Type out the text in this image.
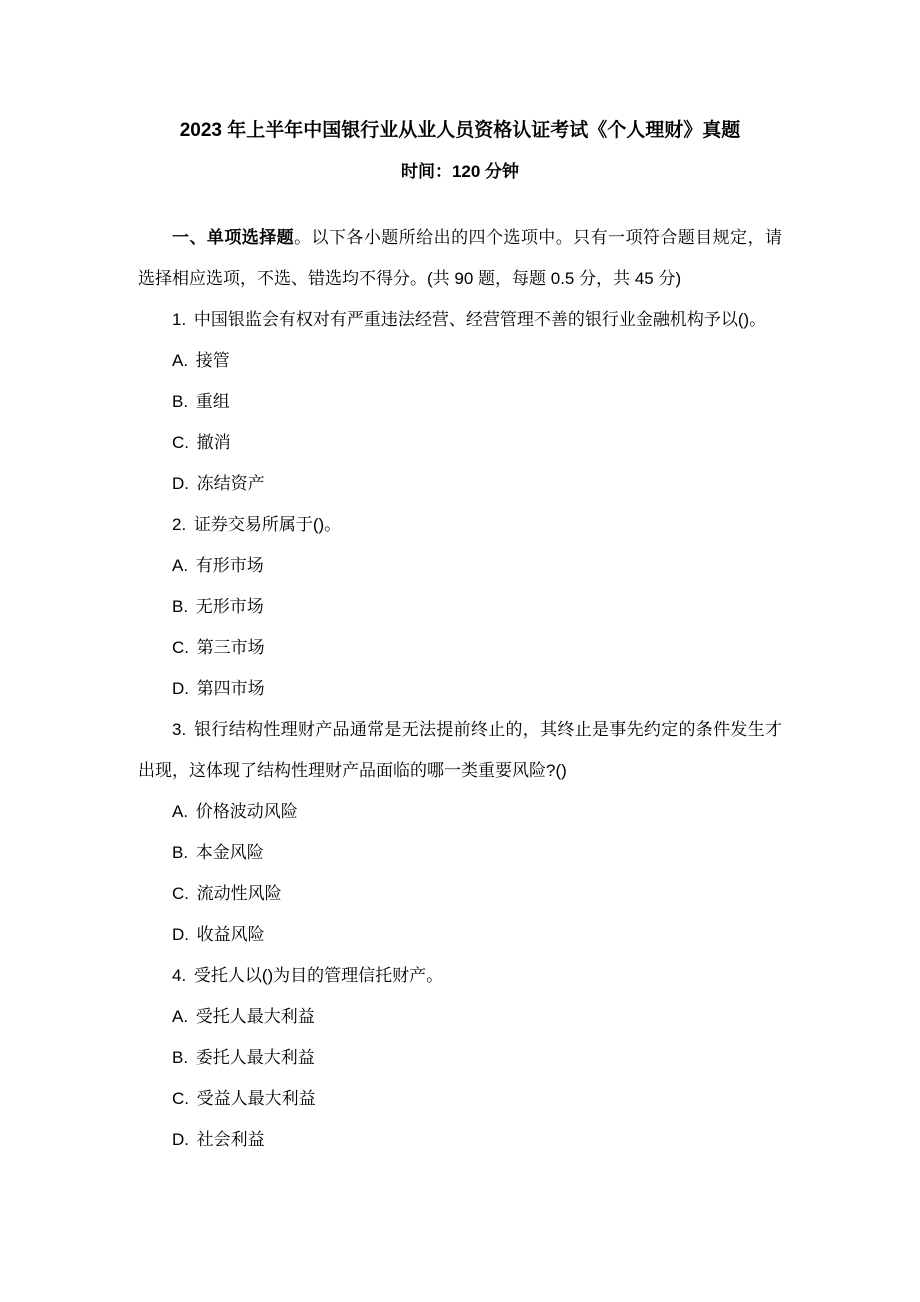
2023 年上半年中国银行业从业人员资格认证考试《个人理财》真题

时间：120 分钟

一、单项选择题。以下各小题所给出的四个选项中。只有一项符合题目规定，请选择相应选项，不选、错选均不得分。(共 90 题，每题 0.5 分，共 45 分)

1. 中国银监会有权对有严重违法经营、经营管理不善的银行业金融机构予以()。

A. 接管

B. 重组

C. 撤消

D. 冻结资产

2. 证券交易所属于()。

A. 有形市场

B. 无形市场

C. 第三市场

D. 第四市场

3. 银行结构性理财产品通常是无法提前终止的，其终止是事先约定的条件发生才出现，这体现了结构性理财产品面临的哪一类重要风险?()

A. 价格波动风险

B. 本金风险

C. 流动性风险

D. 收益风险

4. 受托人以()为目的管理信托财产。

A. 受托人最大利益

B. 委托人最大利益

C. 受益人最大利益

D. 社会利益
